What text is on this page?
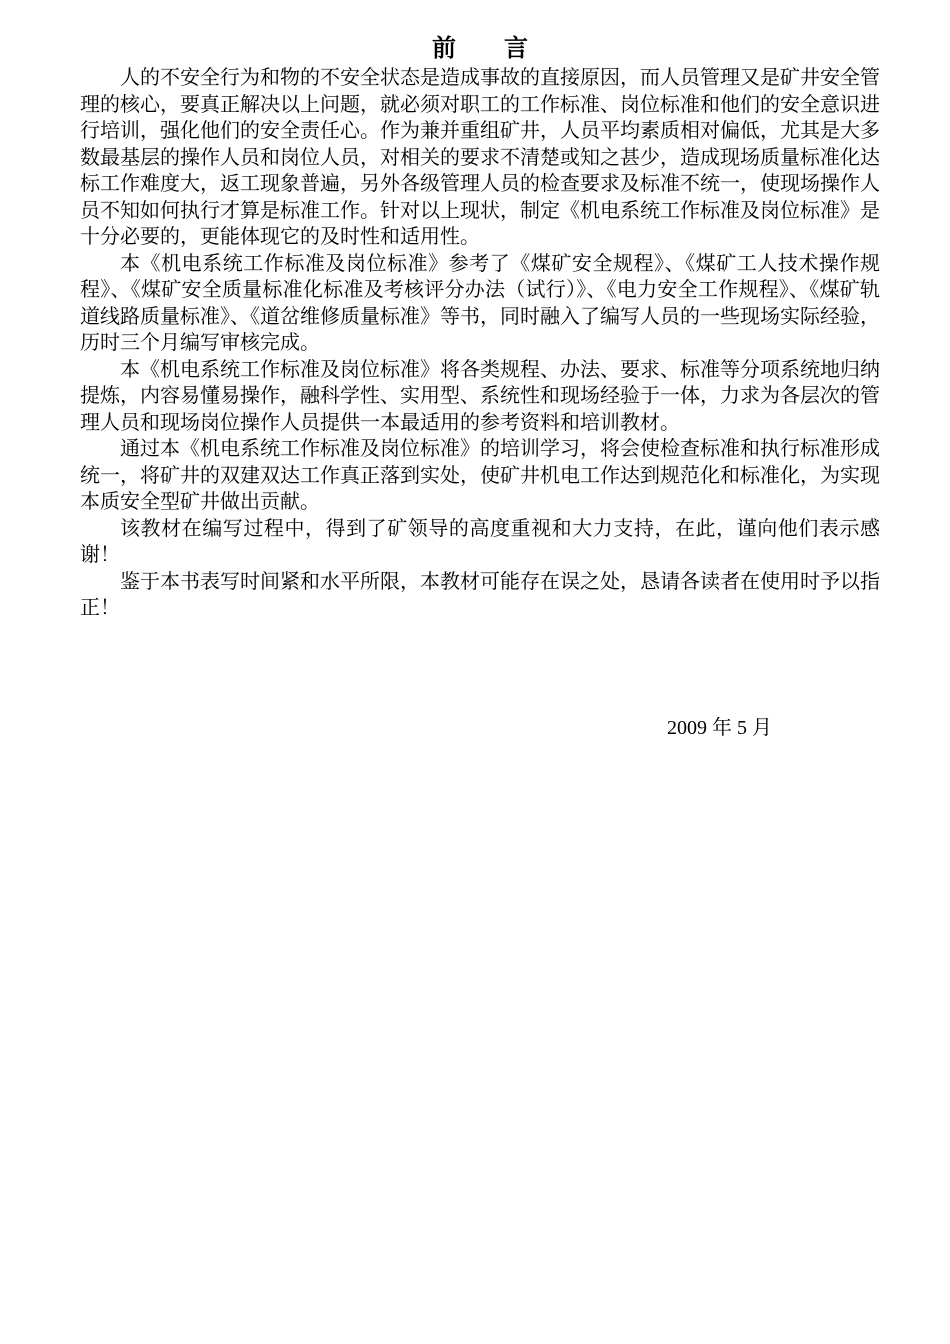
前　　言

人的不安全行为和物的不安全状态是造成事故的直接原因，而人员管理又是矿井安全管理的核心，要真正解决以上问题，就必须对职工的工作标准、岗位标准和他们的安全意识进行培训，强化他们的安全责任心。作为兼并重组矿井，人员平均素质相对偏低，尤其是大多数最基层的操作人员和岗位人员，对相关的要求不清楚或知之甚少，造成现场质量标准化达标工作难度大，返工现象普遍，另外各级管理人员的检查要求及标准不统一，使现场操作人员不知如何执行才算是标准工作。针对以上现状，制定《机电系统工作标准及岗位标准》是十分必要的，更能体现它的及时性和适用性。

本《机电系统工作标准及岗位标准》参考了《煤矿安全规程》、《煤矿工人技术操作规程》、《煤矿安全质量标准化标准及考核评分办法（试行）》、《电力安全工作规程》、《煤矿轨道线路质量标准》、《道岔维修质量标准》等书，同时融入了编写人员的一些现场实际经验，历时三个月编写审核完成。

本《机电系统工作标准及岗位标准》将各类规程、办法、要求、标准等分项系统地归纳提炼，内容易懂易操作，融科学性、实用型、系统性和现场经验于一体，力求为各层次的管理人员和现场岗位操作人员提供一本最适用的参考资料和培训教材。

通过本《机电系统工作标准及岗位标准》的培训学习，将会使检查标准和执行标准形成统一，将矿井的双建双达工作真正落到实处，使矿井机电工作达到规范化和标准化，为实现本质安全型矿井做出贡献。

该教材在编写过程中，得到了矿领导的高度重视和大力支持，在此，谨向他们表示感谢！

鉴于本书表写时间紧和水平所限，本教材可能存在误之处，恳请各读者在使用时予以指正！

2009 年 5 月
